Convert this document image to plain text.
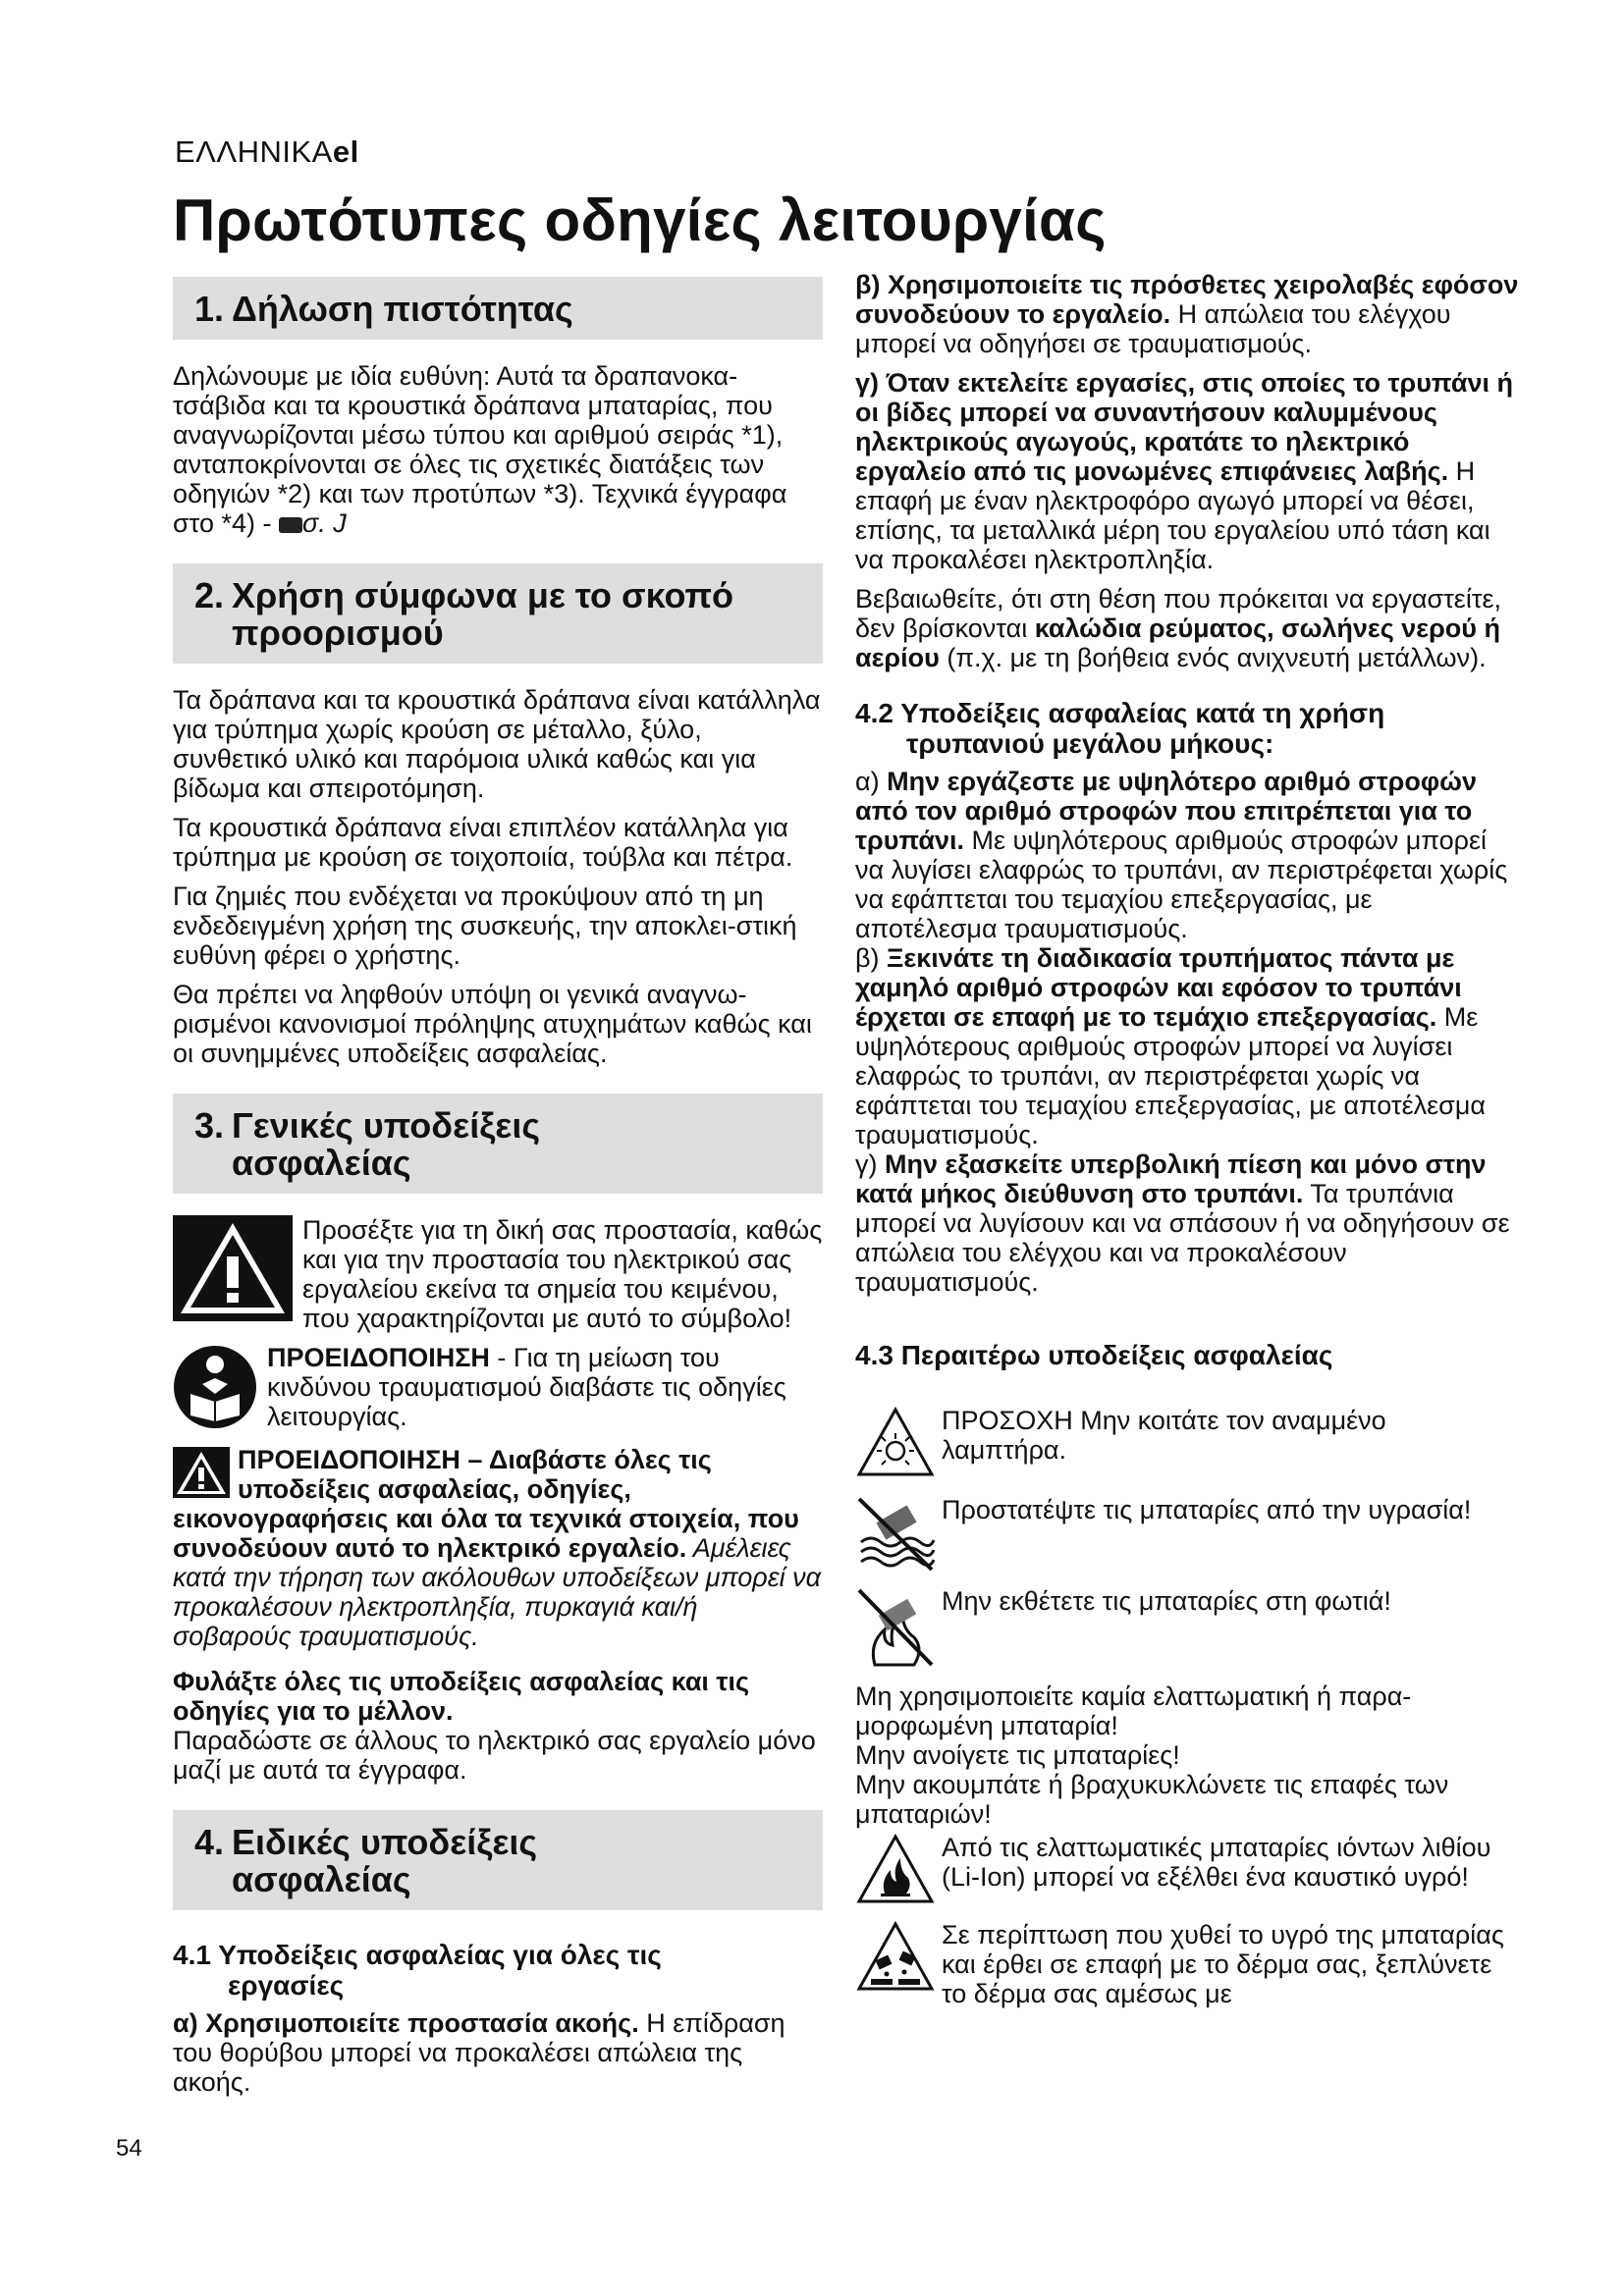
ΕΛΛΗΝΙΚΑel
Πρωτότυπες οδηγίες λειτουργίας
1. Δήλωση πιστότητας

Δηλώνουμε με ιδία ευθύνη: Αυτά τα δραπανοκα-τσάβιδα και τα κρουστικά δράπανα μπαταρίας, που αναγνωρίζονται μέσω τύπου και αριθμού σειράς *1), ανταποκρίνονται σε όλες τις σχετικές διατάξεις των οδηγιών *2) και των προτύπων *3). Τεχνικά έγγραφα στο *4) - σ. J

2. Χρήση σύμφωνα με το σκοπό
προορισμού

Τα δράπανα και τα κρουστικά δράπανα είναι κατάλληλα για τρύπημα χωρίς κρούση σε μέταλλο, ξύλο, συνθετικό υλικό και παρόμοια υλικά καθώς και για βίδωμα και σπειροτόμηση.

Τα κρουστικά δράπανα είναι επιπλέον κατάλληλα για τρύπημα με κρούση σε τοιχοποιία, τούβλα και πέτρα.

Για ζημιές που ενδέχεται να προκύψουν από τη μη ενδεδειγμένη χρήση της συσκευής, την αποκλει-στική ευθύνη φέρει ο χρήστης.

Θα πρέπει να ληφθούν υπόψη οι γενικά αναγνω-ρισμένοι κανονισμοί πρόληψης ατυχημάτων καθώς και οι συνημμένες υποδείξεις ασφαλείας.

3. Γενικές υποδείξεις
ασφαλείας
Προσέξτε για τη δική σας προστασία, καθώς και για την προστασία του ηλεκτρικού σας εργαλείου εκείνα τα σημεία του κειμένου, που χαρακτηρίζονται με αυτό το σύμβολο!
ΠΡΟΕΙΔΟΠΟΙΗΣΗ - Για τη μείωση του κινδύνου τραυματισμού διαβάστε τις οδηγίες λειτουργίας.
ΠΡΟΕΙΔΟΠΟΙΗΣΗ – Διαβάστε όλες τις υποδείξεις ασφαλείας, οδηγίες, εικονογραφήσεις και όλα τα τεχνικά στοιχεία, που συνοδεύουν αυτό το ηλεκτρικό εργαλείο. Αμέλειες κατά την τήρηση των ακόλουθων υποδείξεων μπορεί να προκαλέσουν ηλεκτροπληξία, πυρκαγιά και/ή σοβαρούς τραυματισμούς.

Φυλάξτε όλες τις υποδείξεις ασφαλείας και τις οδηγίες για το μέλλον.
Παραδώστε σε άλλους το ηλεκτρικό σας εργαλείο μόνο μαζί με αυτά τα έγγραφα.

4. Ειδικές υποδείξεις
ασφαλείας
4.1 Υποδείξεις ασφαλείας για όλες τις
εργασίες

α) Χρησιμοποιείτε προστασία ακοής. Η επίδραση του θορύβου μπορεί να προκαλέσει απώλεια της ακοής.

β) Χρησιμοποιείτε τις πρόσθετες χειρολαβές εφόσον συνοδεύουν το εργαλείο. Η απώλεια του ελέγχου μπορεί να οδηγήσει σε τραυματισμούς.

γ) Όταν εκτελείτε εργασίες, στις οποίες το τρυπάνι ή οι βίδες μπορεί να συναντήσουν καλυμμένους ηλεκτρικούς αγωγούς, κρατάτε το ηλεκτρικό εργαλείο από τις μονωμένες επιφάνειες λαβής. Η επαφή με έναν ηλεκτροφόρο αγωγό μπορεί να θέσει, επίσης, τα μεταλλικά μέρη του εργαλείου υπό τάση και να προκαλέσει ηλεκτροπληξία.

Βεβαιωθείτε, ότι στη θέση που πρόκειται να εργαστείτε, δεν βρίσκονται καλώδια ρεύματος, σωλήνες νερού ή αερίου (π.χ. με τη βοήθεια ενός ανιχνευτή μετάλλων).

4.2 Υποδείξεις ασφαλείας κατά τη χρήση
τρυπανιού μεγάλου μήκους:

α) Μην εργάζεστε με υψηλότερο αριθμό στροφών από τον αριθμό στροφών που επιτρέπεται για το τρυπάνι. Με υψηλότερους αριθμούς στροφών μπορεί να λυγίσει ελαφρώς το τρυπάνι, αν περιστρέφεται χωρίς να εφάπτεται του τεμαχίου επεξεργασίας, με αποτέλεσμα τραυματισμούς.

β) Ξεκινάτε τη διαδικασία τρυπήματος πάντα με χαμηλό αριθμό στροφών και εφόσον το τρυπάνι έρχεται σε επαφή με το τεμάχιο επεξεργασίας. Με υψηλότερους αριθμούς στροφών μπορεί να λυγίσει ελαφρώς το τρυπάνι, αν περιστρέφεται χωρίς να εφάπτεται του τεμαχίου επεξεργασίας, με αποτέλεσμα τραυματισμούς.

γ) Μην εξασκείτε υπερβολική πίεση και μόνο στην κατά μήκος διεύθυνση στο τρυπάνι. Τα τρυπάνια μπορεί να λυγίσουν και να σπάσουν ή να οδηγήσουν σε απώλεια του ελέγχου και να προκαλέσουν τραυματισμούς.

4.3 Περαιτέρω υποδείξεις ασφαλείας
ΠΡΟΣΟΧΗ Μην κοιτάτε τον αναμμένο
λαμπτήρα.
Προστατέψτε τις μπαταρίες από την υγρασία!
Μην εκθέτετε τις μπαταρίες στη φωτιά!

Μη χρησιμοποιείτε καμία ελαττωματική ή παρα-μορφωμένη μπαταρία!
Μην ανοίγετε τις μπαταρίες!
Μην ακουμπάτε ή βραχυκυκλώνετε τις επαφές των μπαταριών!

Από τις ελαττωματικές μπαταρίες ιόντων λιθίου (Li-Ion) μπορεί να εξέλθει ένα καυστικό υγρό!
Σε περίπτωση που χυθεί το υγρό της μπαταρίας και έρθει σε επαφή με το δέρμα σας, ξεπλύνετε το δέρμα σας αμέσως με
54
